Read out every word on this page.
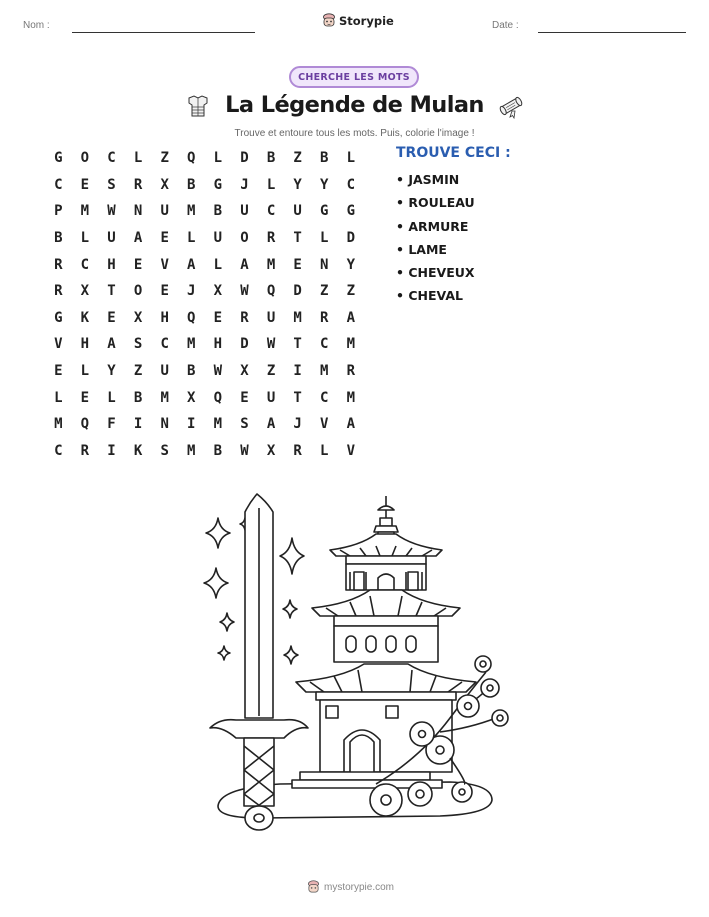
Nom :	Storypie	Date :
CHERCHE LES MOTS
La Légende de Mulan
Trouve et entoure tous les mots. Puis, colorie l'image !
G	O	C	L	Z	Q	L	D	B	Z	B	L
C	E	S	R	X	B	G	J	L	Y	Y	C
P	M	W	N	U	M	B	U	C	U	G	G
B	L	U	A	E	L	U	O	R	T	L	D
R	C	H	E	V	A	L	A	M	E	N	Y
R	X	T	O	E	J	X	W	Q	D	Z	Z
G	K	E	X	H	Q	E	R	U	M	R	A
V	H	A	S	C	M	H	D	W	T	C	M
E	L	Y	Z	U	B	W	X	Z	I	M	R
L	E	L	B	M	X	Q	E	U	T	C	M
M	Q	F	I	N	I	M	S	A	J	V	A
C	R	I	K	S	M	B	W	X	R	L	V
TROUVE CECI :
• JASMIN
• ROULEAU
• ARMURE
• LAME
• CHEVEUX
• CHEVAL
mystorypie.com
